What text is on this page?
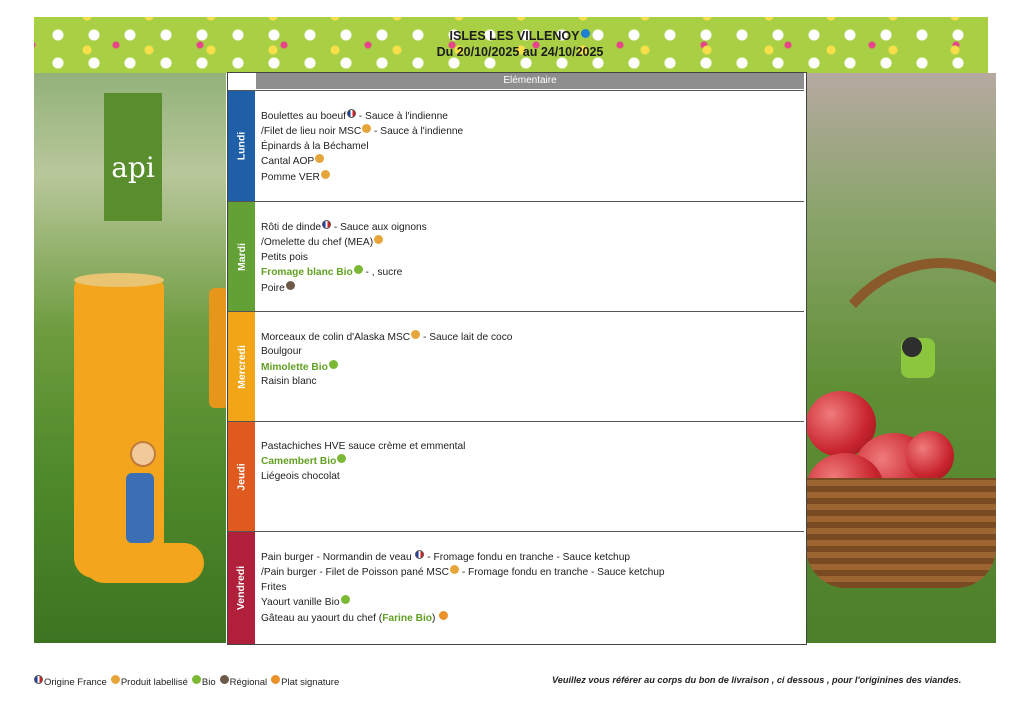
ISLES LES VILLENOY
Du 20/10/2025 au 24/10/2025
api
Elémentaire
Lundi
Boulettes au boeuf - Sauce à l'indienne
/Filet de lieu noir MSC - Sauce à l'indienne
Épinards à la Béchamel
Cantal AOP
Pomme VER
Mardi
Rôti de dinde - Sauce aux oignons
/Omelette du chef (MEA)
Petits pois
Fromage blanc Bio - , sucre
Poire
Mercredi
Morceaux de colin d'Alaska MSC - Sauce lait de coco
Boulgour
Mimolette Bio
Raisin blanc
Jeudi
Pastachiches HVE sauce crème et emmental
Camembert Bio
Liégeois chocolat
Vendredi
Pain burger - Normandin de veau  - Fromage fondu en tranche - Sauce ketchup
/Pain burger - Filet de Poisson pané MSC - Fromage fondu en tranche - Sauce ketchup
Frites
Yaourt vanille Bio
Gâteau au yaourt du chef (Farine Bio)
Origine France Produit labellisé Bio Régional Plat signature	Veuillez vous référer au corps du bon de livraison , ci dessous , pour l'originines des viandes.
